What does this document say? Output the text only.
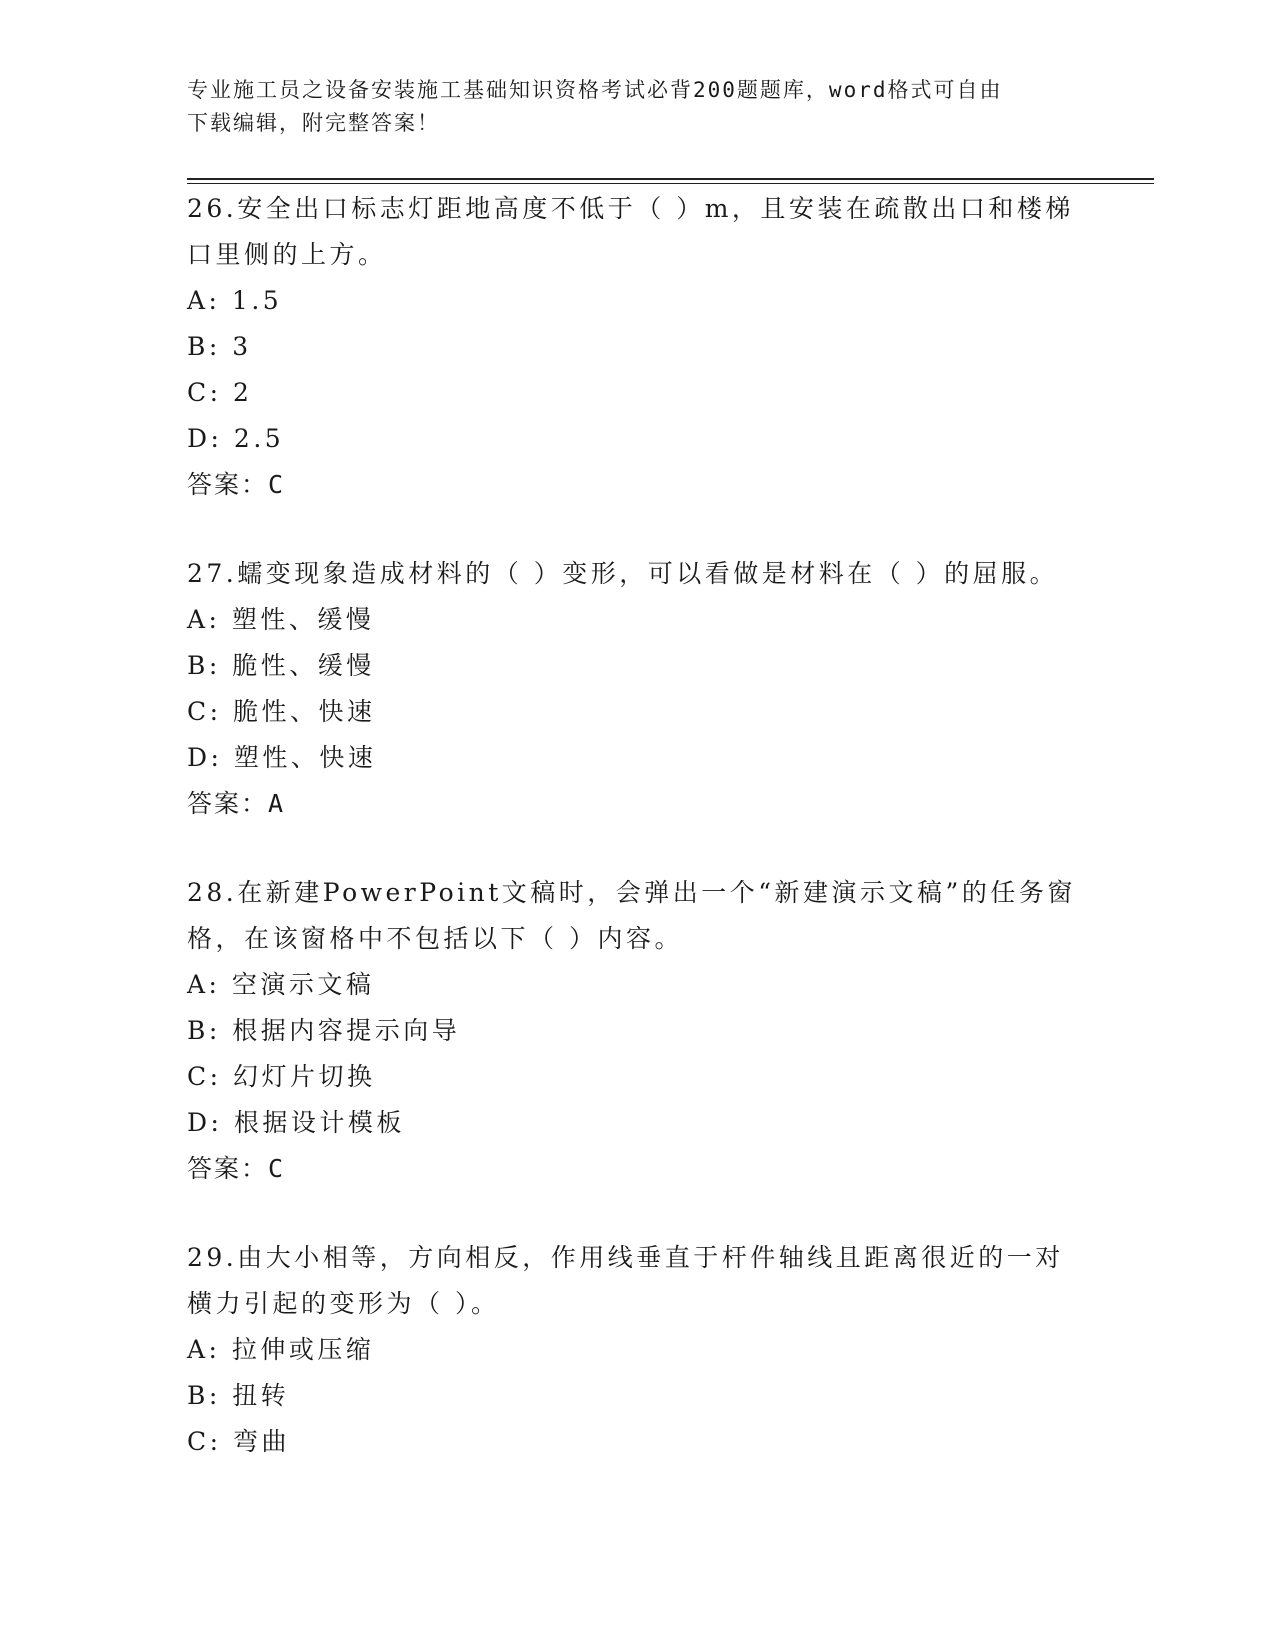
专业施工员之设备安装施工基础知识资格考试必背200题题库，word格式可自由
下载编辑，附完整答案！
26.安全出口标志灯距地高度不低于（ ）m，且安装在疏散出口和楼梯口里侧的上方。
A: 1.5
B: 3
C: 2
D: 2.5
答案：C
27.蠕变现象造成材料的（ ）变形，可以看做是材料在（ ）的屈服。
A: 塑性、缓慢
B: 脆性、缓慢
C: 脆性、快速
D: 塑性、快速
答案：A
28.在新建PowerPoint文稿时，会弹出一个“新建演示文稿”的任务窗格，在该窗格中不包括以下（ ）内容。
A: 空演示文稿
B: 根据内容提示向导
C: 幻灯片切换
D: 根据设计模板
答案：C
29.由大小相等，方向相反，作用线垂直于杆件轴线且距离很近的一对横力引起的变形为（ ）。
A: 拉伸或压缩
B: 扭转
C: 弯曲
